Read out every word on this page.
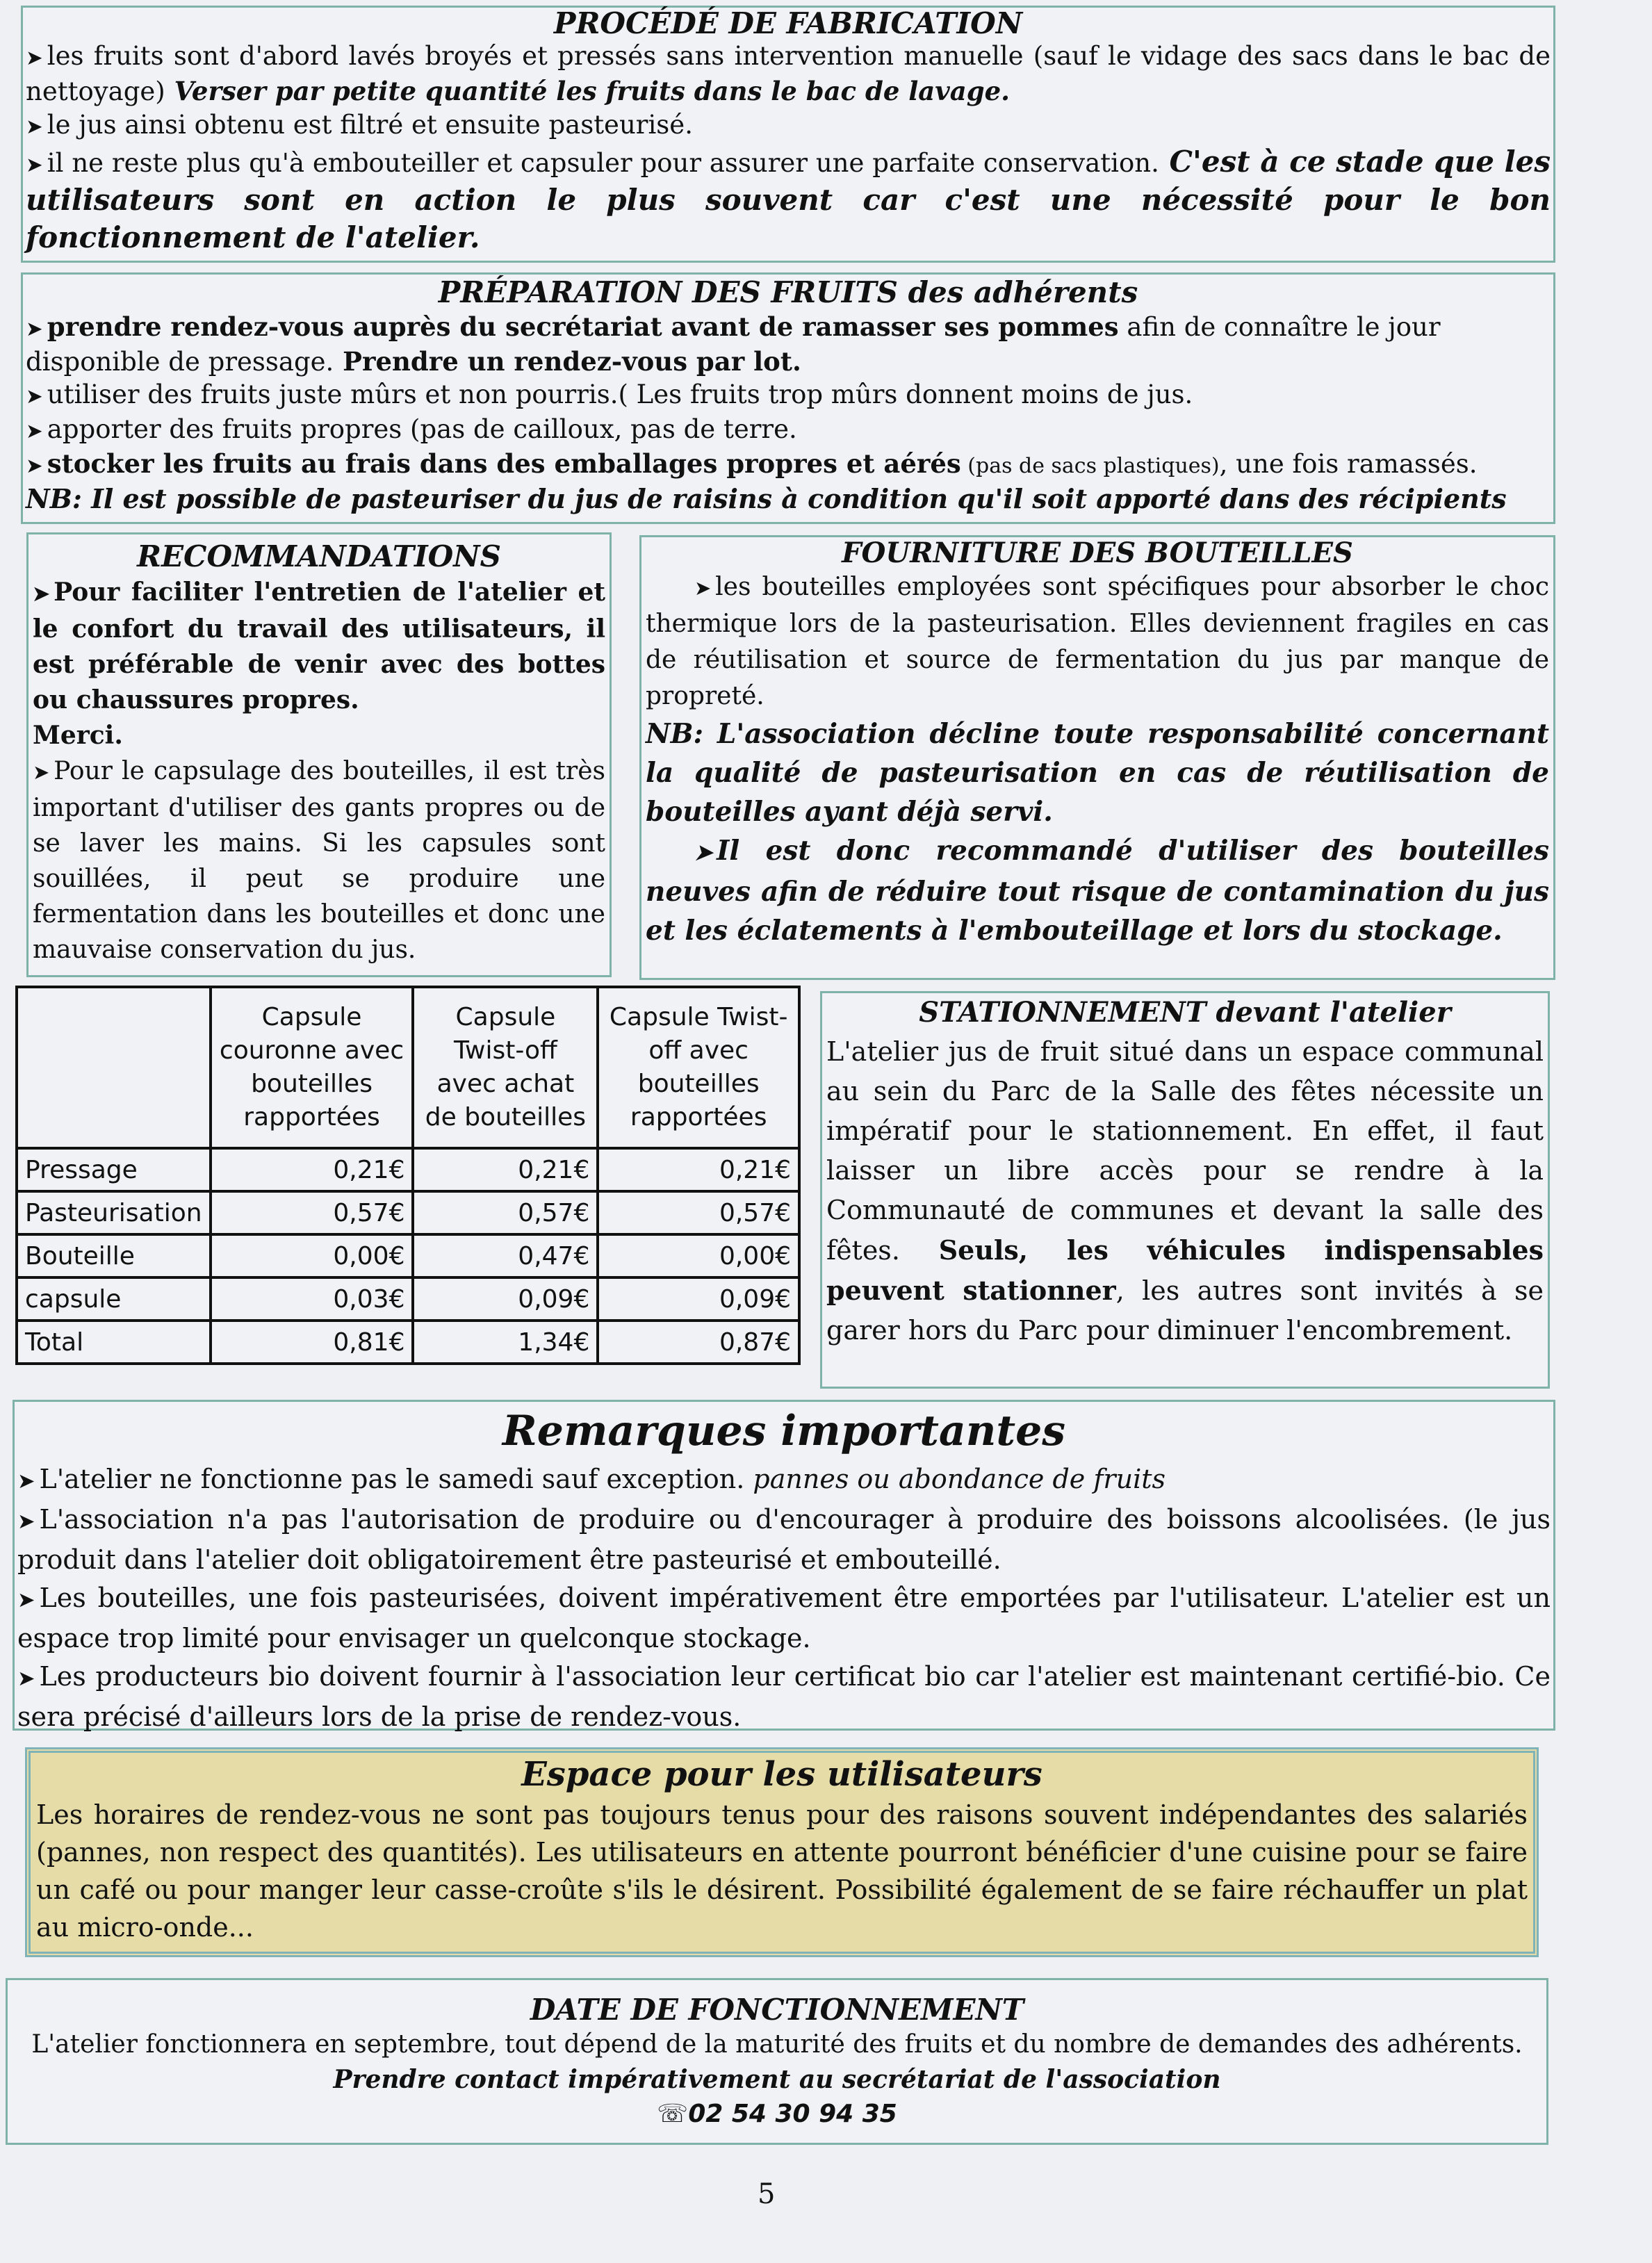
PROCÉDÉ DE FABRICATION

➤ les fruits sont d'abord lavés broyés et pressés sans intervention manuelle (sauf le vidage des sacs dans le bac de nettoyage) Verser par petite quantité les fruits dans le bac de lavage.

➤ le jus ainsi obtenu est filtré et ensuite pasteurisé.

➤ il ne reste plus qu'à embouteiller et capsuler pour assurer une parfaite conservation. C'est à ce stade que les utilisateurs sont en action le plus souvent car c'est une nécessité pour le bon fonctionnement de l'atelier.

PRÉPARATION DES FRUITS des adhérents

➤ prendre rendez-vous auprès du secrétariat avant de ramasser ses pommes afin de connaître le jour disponible de pressage. Prendre un rendez-vous par lot.

➤ utiliser des fruits juste mûrs et non pourris.( Les fruits trop mûrs donnent moins de jus.

➤ apporter des fruits propres (pas de cailloux, pas de terre.

➤ stocker les fruits au frais dans des emballages propres et aérés (pas de sacs plastiques), une fois ramassés.

NB: Il est possible de pasteuriser du jus de raisins à condition qu'il soit apporté dans des récipients

RECOMMANDATIONS

➤ Pour faciliter l'entretien de l'atelier et le confort du travail des utilisateurs, il est préférable de venir avec des bottes ou chaussures propres.

Merci.

➤ Pour le capsulage des bouteilles, il est très important d'utiliser des gants propres ou de se laver les mains. Si les capsules sont souillées, il peut se produire une fermentation dans les bouteilles et donc une mauvaise conservation du jus.

FOURNITURE DES BOUTEILLES

➤ les bouteilles employées sont spécifiques pour absorber le choc thermique lors de la pasteurisation. Elles deviennent fragiles en cas de réutilisation et source de fermentation du jus par manque de propreté.

NB: L'association décline toute responsabilité concernant la qualité de pasteurisation en cas de réutilisation de bouteilles ayant déjà servi.

➤ Il est donc recommandé d'utiliser des bouteilles neuves afin de réduire tout risque de contamination du jus et les éclatements à l'embouteillage et lors du stockage.

	Capsule couronne avec bouteilles rapportées	Capsule Twist-off avec achat de bouteilles	Capsule Twist-off avec bouteilles rapportées
Pressage	0,21€	0,21€	0,21€
Pasteurisation	0,57€	0,57€	0,57€
Bouteille	0,00€	0,47€	0,00€
capsule	0,03€	0,09€	0,09€
Total	0,81€	1,34€	0,87€
STATIONNEMENT devant l'atelier

L'atelier jus de fruit situé dans un espace communal au sein du Parc de la Salle des fêtes nécessite un impératif pour le stationnement. En effet, il faut laisser un libre accès pour se rendre à la Communauté de communes et devant la salle des fêtes. Seuls, les véhicules indispensables peuvent stationner, les autres sont invités à se garer hors du Parc pour diminuer l'encombrement.

Remarques importantes

➤ L'atelier ne fonctionne pas le samedi sauf exception. pannes ou abondance de fruits

➤ L'association n'a pas l'autorisation de produire ou d'encourager à produire des boissons alcoolisées. (le jus produit dans l'atelier doit obligatoirement être pasteurisé et embouteillé.

➤ Les bouteilles, une fois pasteurisées, doivent impérativement être emportées par l'utilisateur. L'atelier est un espace trop limité pour envisager un quelconque stockage.

➤ Les producteurs bio doivent fournir à l'association leur certificat bio car l'atelier est maintenant certifié-bio. Ce sera précisé d'ailleurs lors de la prise de rendez-vous.

Espace pour les utilisateurs

Les horaires de rendez-vous ne sont pas toujours tenus pour des raisons souvent indépendantes des salariés (pannes, non respect des quantités). Les utilisateurs en attente pourront bénéficier d'une cuisine pour se faire un café ou pour manger leur casse-croûte s'ils le désirent. Possibilité également de se faire réchauffer un plat au micro-onde...

DATE DE FONCTIONNEMENT

L'atelier fonctionnera en septembre, tout dépend de la maturité des fruits et du nombre de demandes des adhérents.

Prendre contact impérativement au secrétariat de l'association

☏02 54 30 94 35

5
